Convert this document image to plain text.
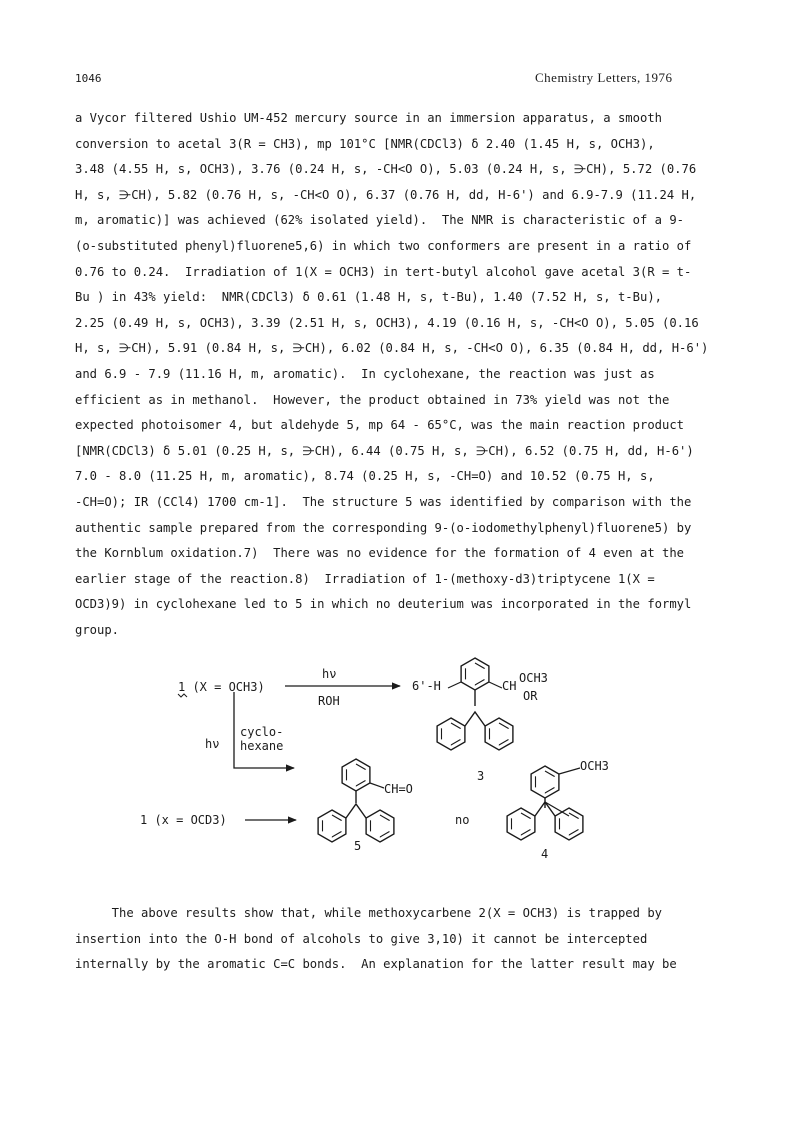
1046	Chemistry Letters, 1976
a Vycor filtered Ushio UM-452 mercury source in an immersion apparatus, a smooth
conversion to acetal 3(R = CH3), mp 101°C [NMR(CDCl3) δ 2.40 (1.45 H, s, OCH3),
3.48 (4.55 H, s, OCH3), 3.76 (0.24 H, s, -CH<O O), 5.03 (0.24 H, s, ⋺CH), 5.72 (0.76
H, s, ⋺CH), 5.82 (0.76 H, s, -CH<O O), 6.37 (0.76 H, dd, H-6') and 6.9-7.9 (11.24 H,
m, aromatic)] was achieved (62% isolated yield).  The NMR is characteristic of a 9-
(o-substituted phenyl)fluorene5,6) in which two conformers are present in a ratio of
0.76 to 0.24.  Irradiation of 1(X = OCH3) in tert-butyl alcohol gave acetal 3(R = t-
Bu ) in 43% yield:  NMR(CDCl3) δ 0.61 (1.48 H, s, t-Bu), 1.40 (7.52 H, s, t-Bu),
2.25 (0.49 H, s, OCH3), 3.39 (2.51 H, s, OCH3), 4.19 (0.16 H, s, -CH<O O), 5.05 (0.16
H, s, ⋺CH), 5.91 (0.84 H, s, ⋺CH), 6.02 (0.84 H, s, -CH<O O), 6.35 (0.84 H, dd, H-6')
and 6.9 - 7.9 (11.16 H, m, aromatic).  In cyclohexane, the reaction was just as
efficient as in methanol.  However, the product obtained in 73% yield was not the
expected photoisomer 4, but aldehyde 5, mp 64 - 65°C, was the main reaction product
[NMR(CDCl3) δ 5.01 (0.25 H, s, ⋺CH), 6.44 (0.75 H, s, ⋺CH), 6.52 (0.75 H, dd, H-6')
7.0 - 8.0 (11.25 H, m, aromatic), 8.74 (0.25 H, s, -CH=O) and 10.52 (0.75 H, s,
-CH=O); IR (CCl4) 1700 cm-1].  The structure 5 was identified by comparison with the
authentic sample prepared from the corresponding 9-(o-iodomethylphenyl)fluorene5) by
the Kornblum oxidation.7)  There was no evidence for the formation of 4 even at the
earlier stage of the reaction.8)  Irradiation of 1-(methoxy-d3)triptycene 1(X =
OCD3)9) in cyclohexane led to 5 in which no deuterium was incorporated in the formyl
group.
1 (X = OCH3)
hν
ROH
6'-H	CH
OCH3
OR
3
hν
cyclo-
hexane
1 (x = OCD3)
CH=O
5
no
OCH3
4
The above results show that, while methoxycarbene 2(X = OCH3) is trapped by
insertion into the O-H bond of alcohols to give 3,10) it cannot be intercepted
internally by the aromatic C=C bonds.  An explanation for the latter result may be
